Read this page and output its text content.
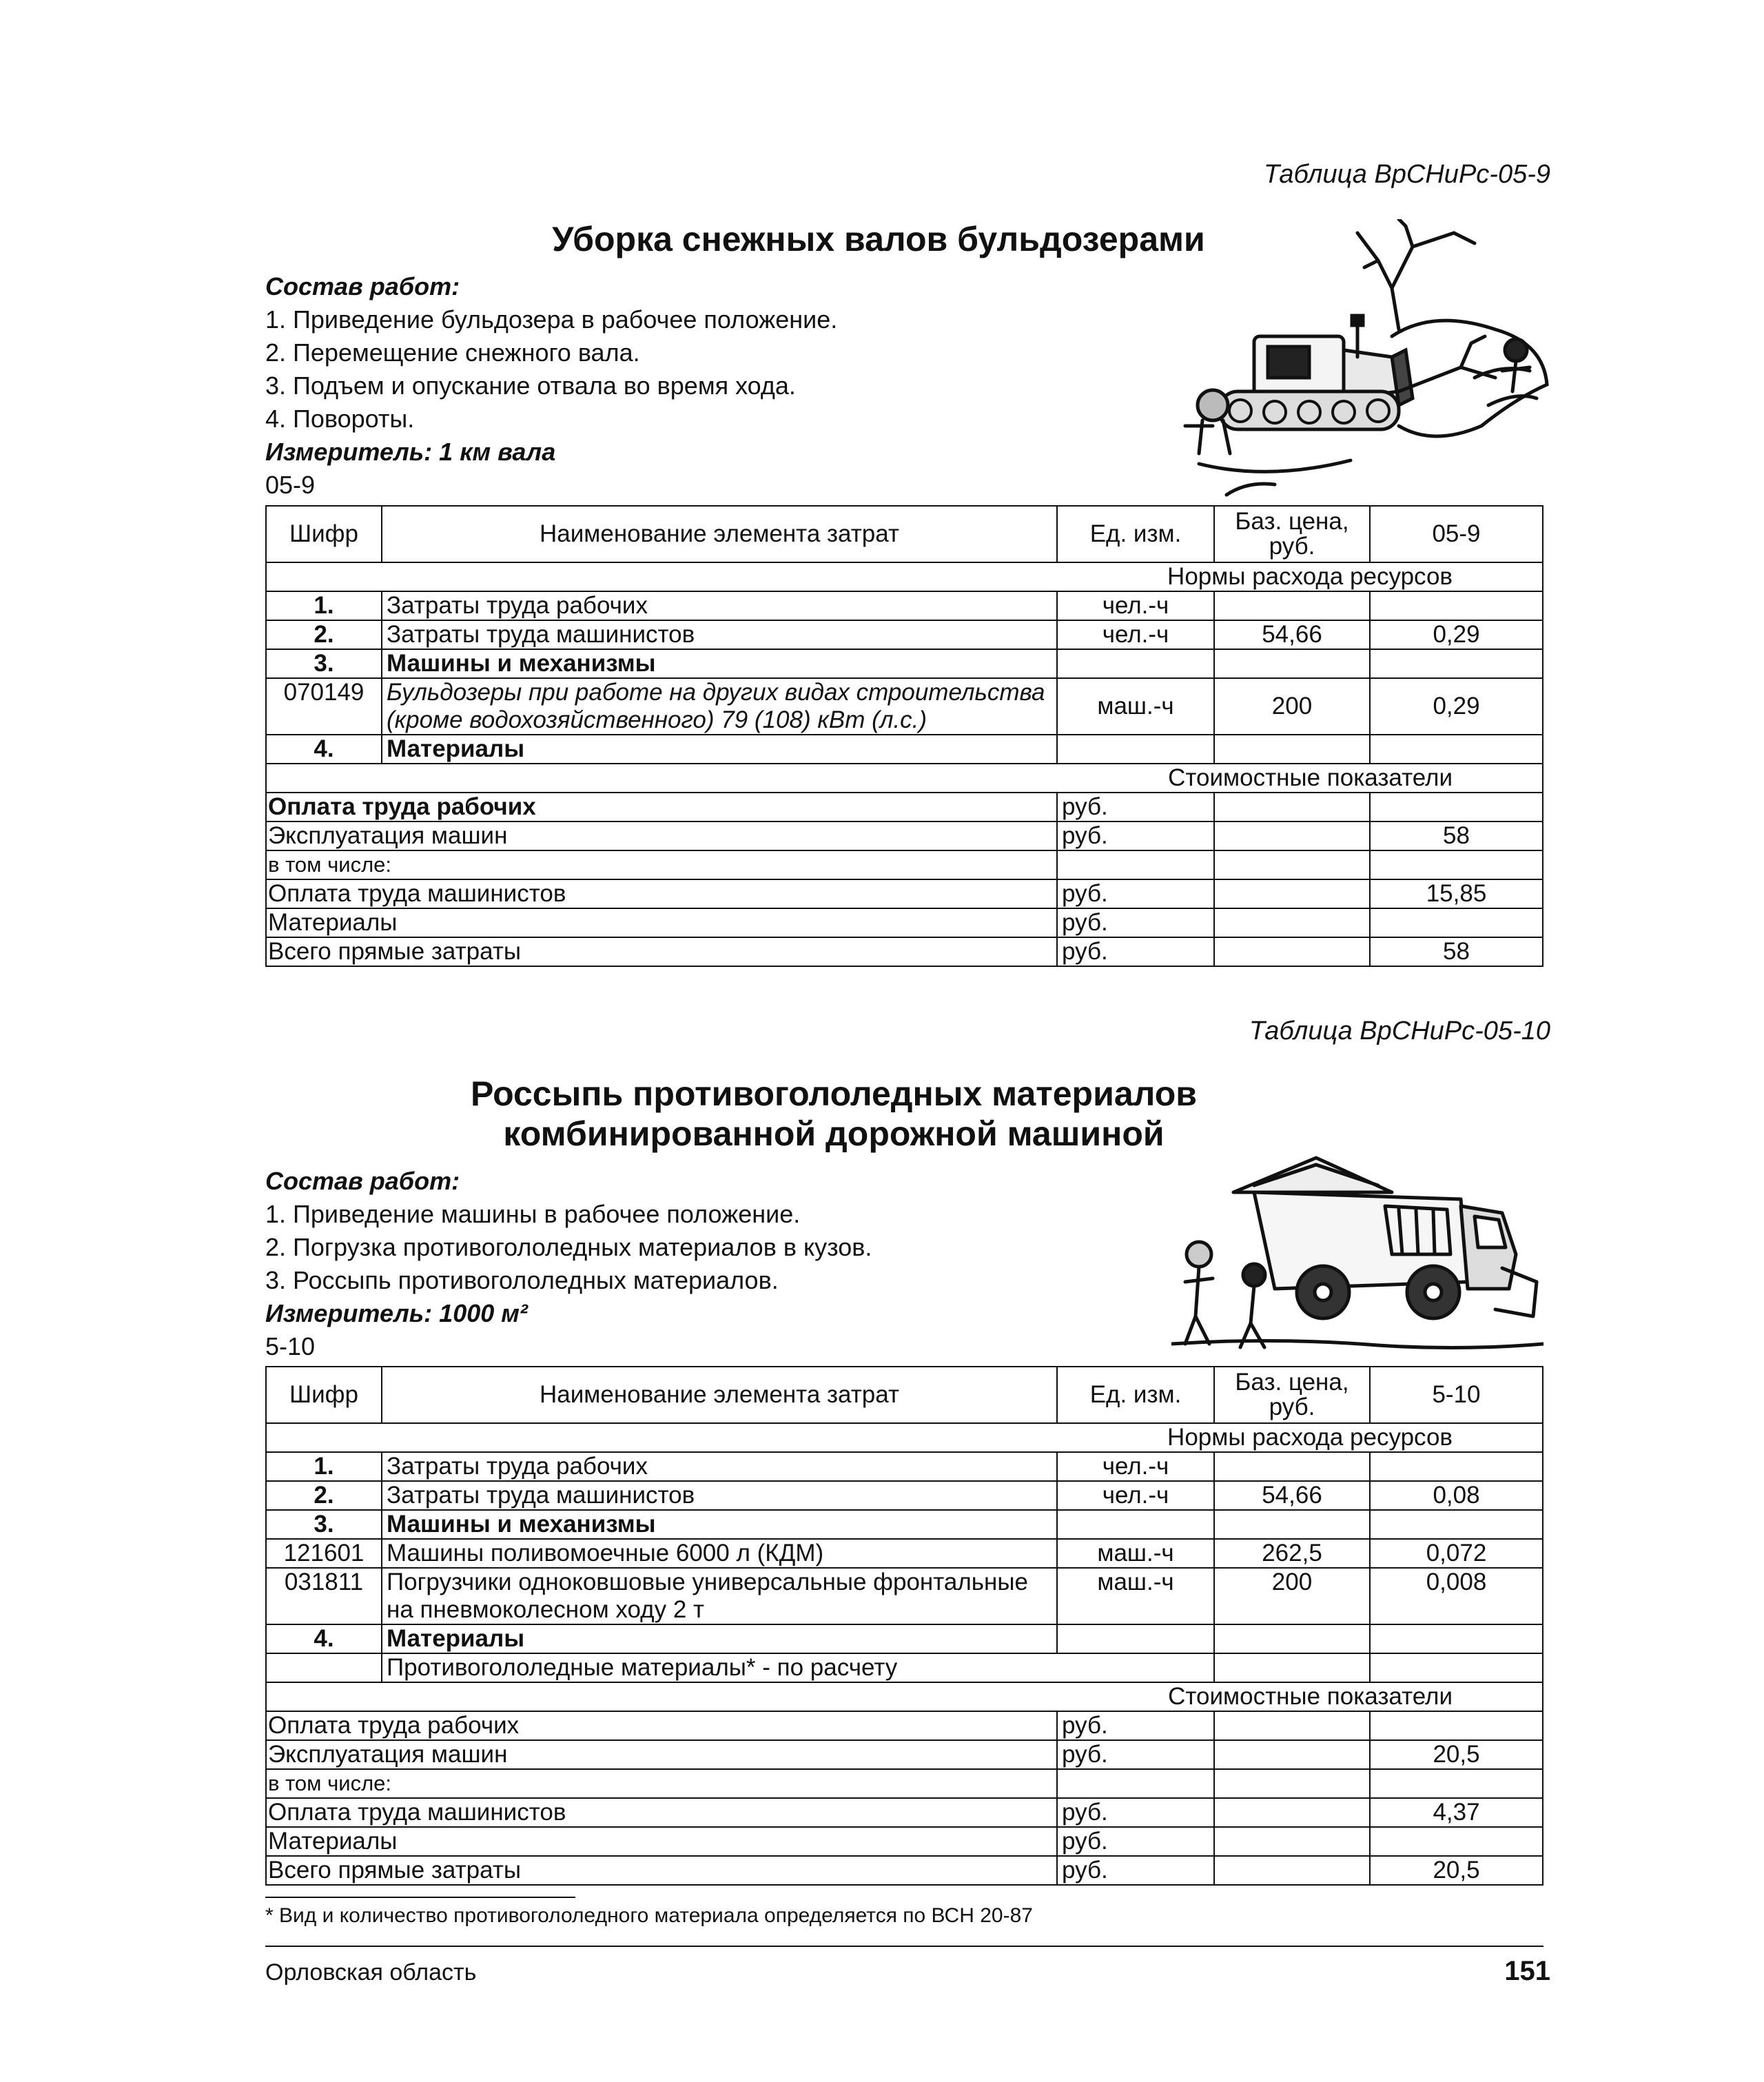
Таблица ВрСНиРс-05-9
Уборка снежных валов бульдозерами
Состав работ:
1. Приведение бульдозера в рабочее положение.
2. Перемещение снежного вала.
3. Подъем и опускание отвала во время хода.
4. Повороты.
Измеритель: 1 км вала
05-9
Шифр	Наименование элемента затрат	Ед. изм.	Баз. цена, руб.	05-9
Нормы расхода ресурсов				
1.	Затраты труда рабочих	чел.-ч		
2.	Затраты труда машинистов	чел.-ч	54,66	0,29
3.	Машины и механизмы			
070149	Бульдозеры при работе на других видах строительства (кроме водохозяйственного) 79 (108) кВт (л.с.)	маш.-ч	200	0,29
4.	Материалы			
Стоимостные показатели				
Оплата труда рабочих		руб.		
Эксплуатация машин		руб.		58
в том числе:				
Оплата труда машинистов		руб.		15,85
Материалы		руб.		
Всего прямые затраты		руб.		58
Таблица ВрСНиРс-05-10
Россыпь противогололедных материалов
комбинированной дорожной машиной
Состав работ:
1. Приведение машины в рабочее положение.
2. Погрузка противогололедных материалов в кузов.
3. Россыпь противогололедных материалов.
Измеритель: 1000 м²
5-10
Шифр	Наименование элемента затрат	Ед. изм.	Баз. цена, руб.	5-10
Нормы расхода ресурсов				
1.	Затраты труда рабочих	чел.-ч		
2.	Затраты труда машинистов	чел.-ч	54,66	0,08
3.	Машины и механизмы			
121601	Машины поливомоечные 6000 л (КДМ)	маш.-ч	262,5	0,072
031811	Погрузчики одноковшовые универсальные фронтальные на пневмоколесном ходу 2 т	маш.-ч	200	0,008
4.	Материалы			
	Противогололедные материалы* - по расчету			
Стоимостные показатели				
Оплата труда рабочих		руб.		
Эксплуатация машин		руб.		20,5
в том числе:				
Оплата труда машинистов		руб.		4,37
Материалы		руб.		
Всего прямые затраты		руб.		20,5
* Вид и количество противогололедного материала определяется по ВСН 20-87
Орловская область	151
